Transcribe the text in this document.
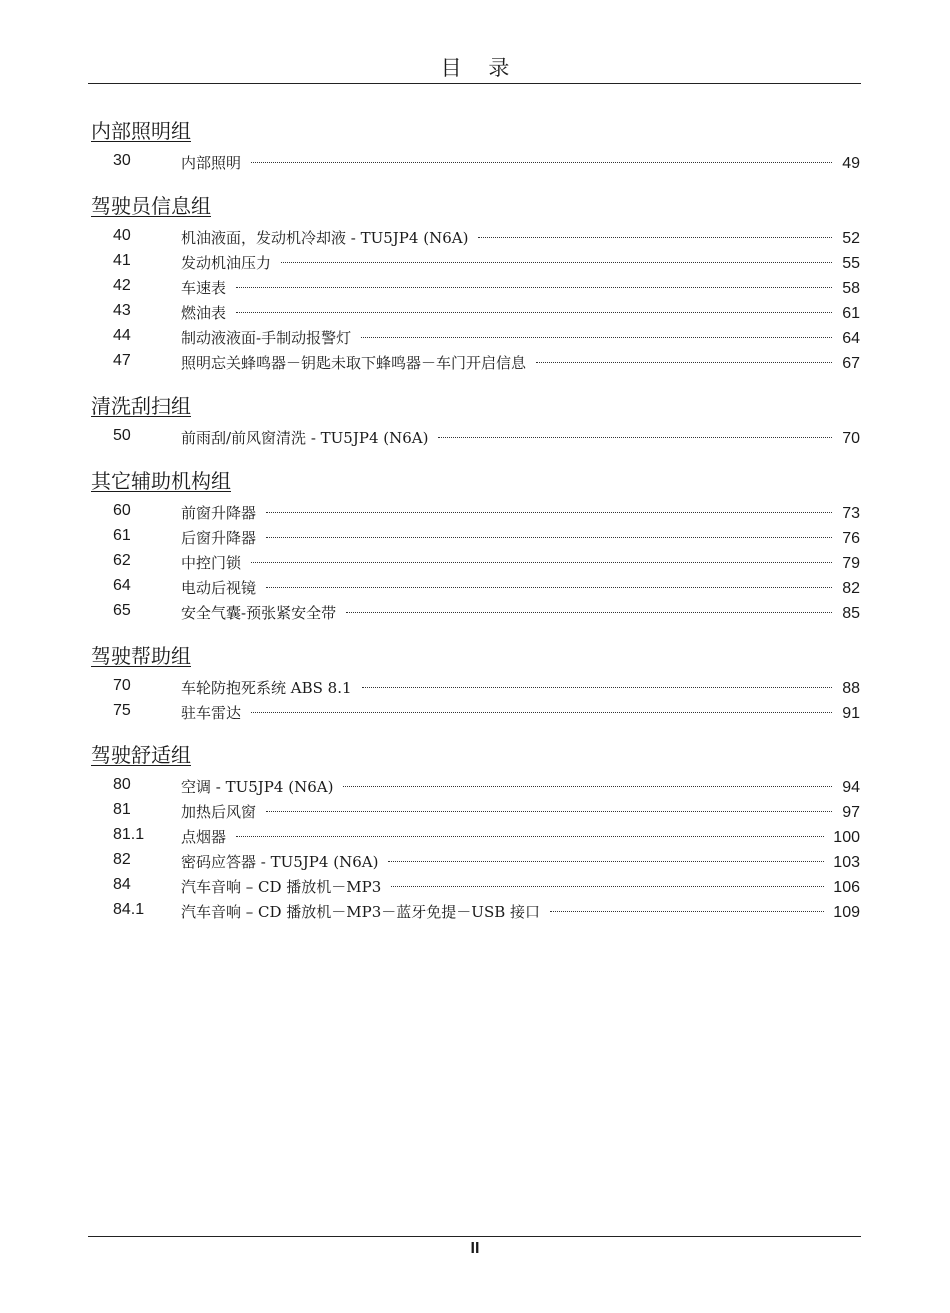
目 录
内部照明组
30	内部照明	49
驾驶员信息组
40	机油液面，发动机冷却液 - TU5JP4 (N6A)	52
41	发动机油压力	55
42	车速表	58
43	燃油表	61
44	制动液液面-手制动报警灯	64
47	照明忘关蜂鸣器－钥匙未取下蜂鸣器－车门开启信息	67
清洗刮扫组
50	前雨刮/前风窗清洗 - TU5JP4 (N6A)	70
其它辅助机构组
60	前窗升降器	73
61	后窗升降器	76
62	中控门锁	79
64	电动后视镜	82
65	安全气囊-预张紧安全带	85
驾驶帮助组
70	车轮防抱死系统 ABS 8.1	88
75	驻车雷达	91
驾驶舒适组
80	空调 - TU5JP4 (N6A)	94
81	加热后风窗	97
81.1 点烟器	100
82	密码应答器 - TU5JP4 (N6A)	103
84	汽车音响 – CD 播放机－MP3	106
84.1 汽车音响 – CD 播放机－MP3－蓝牙免提－USB 接口	109
II
